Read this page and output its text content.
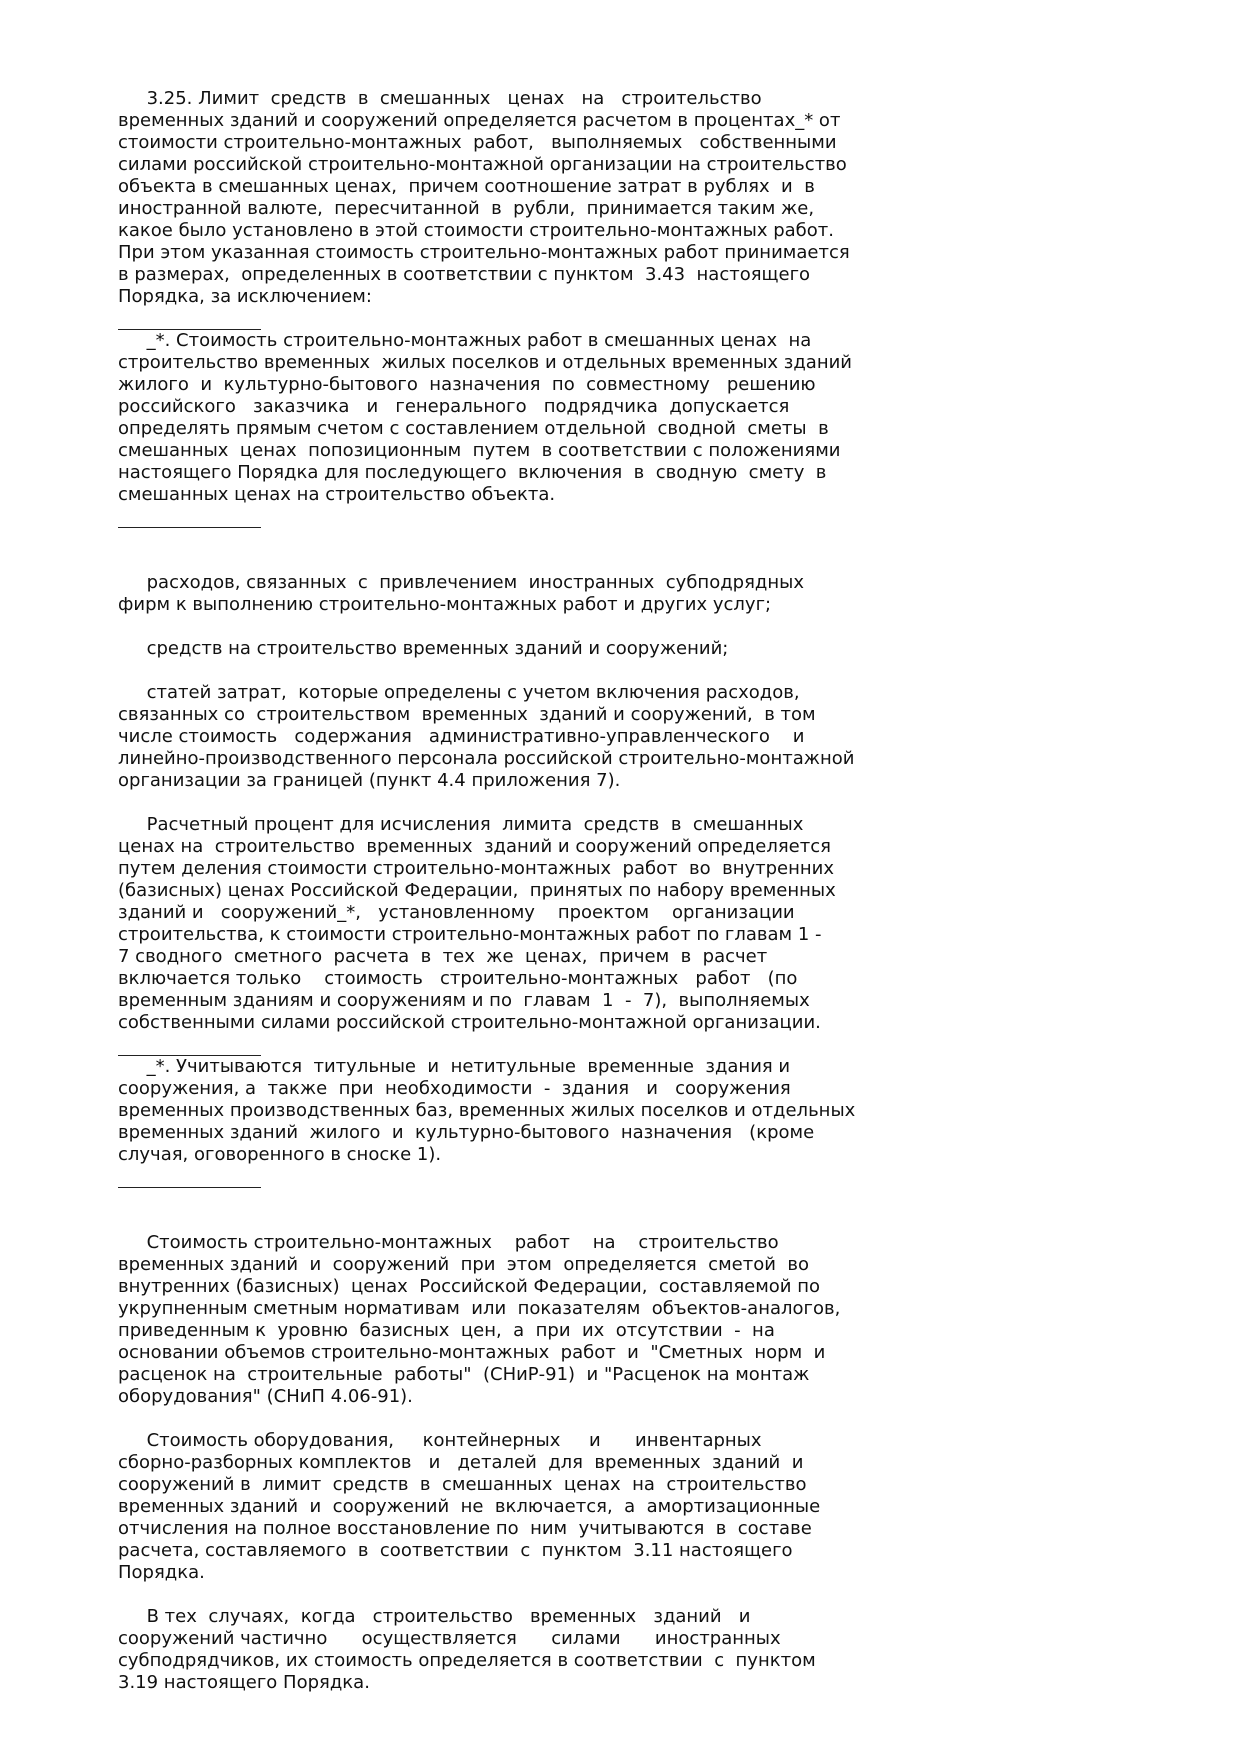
3.25. Лимит  средств  в  смешанных   ценах   на   строительство
временных зданий и сооружений определяется расчетом в процентах_* от
стоимости строительно-монтажных  работ,   выполняемых   собственными
силами российской строительно-монтажной организации на строительство
объекта в смешанных ценах,  причем соотношение затрат в рублях  и  в
иностранной валюте,  пересчитанной  в  рубли,  принимается таким же,
какое было установлено в этой стоимости строительно-монтажных работ.
При этом указанная стоимость строительно-монтажных работ принимается
в размерах,  определенных в соответствии с пунктом  3.43  настоящего
Порядка, за исключением:

_*. Стоимость строительно-монтажных работ в смешанных ценах  на
строительство временных  жилых поселков и отдельных временных зданий
жилого  и  культурно-бытового  назначения  по  совместному   решению
российского   заказчика   и   генерального   подрядчика  допускается
определять прямым счетом с составлением отдельной  сводной  сметы  в
смешанных  ценах  попозиционным  путем  в соответствии с положениями
настоящего Порядка для последующего  включения  в  сводную  смету  в
смешанных ценах на строительство объекта.

расходов, связанных  с  привлечением  иностранных  субподрядных
фирм к выполнению строительно-монтажных работ и других услуг;

средств на строительство временных зданий и сооружений;

статей затрат,  которые определены с учетом включения расходов,
связанных со  строительством  временных  зданий и сооружений,  в том
числе стоимость   содержания   административно-управленческого    и
линейно-производственного персонала российской строительно-монтажной
организации за границей (пункт 4.4 приложения 7).

Расчетный процент для исчисления  лимита  средств  в  смешанных
ценах на  строительство  временных  зданий и сооружений определяется
путем деления стоимости строительно-монтажных  работ  во  внутренних
(базисных) ценах Российской Федерации,  принятых по набору временных
зданий и   сооружений_*,   установленному    проектом    организации
строительства, к стоимости строительно-монтажных работ по главам 1 -
7 сводного  сметного  расчета  в  тех  же  ценах,  причем  в  расчет
включается только    стоимость   строительно-монтажных   работ   (по
временным зданиям и сооружениям и по  главам  1  -  7),  выполняемых
собственными силами российской строительно-монтажной организации.

_*. Учитываются  титульные  и  нетитульные  временные  здания и
сооружения, а  также  при  необходимости  -  здания   и   сооружения
временных производственных баз, временных жилых поселков и отдельных
временных зданий  жилого  и  культурно-бытового  назначения   (кроме
случая, оговоренного в сноске 1).

Стоимость строительно-монтажных    работ    на    строительство
временных зданий  и  сооружений  при  этом  определяется  сметой  во
внутренних (базисных)  ценах  Российской Федерации,  составляемой по
укрупненным сметным нормативам  или  показателям  объектов-аналогов,
приведенным к  уровню  базисных  цен,  а  при  их  отсутствии  -  на
основании объемов строительно-монтажных  работ  и  "Сметных  норм  и
расценок на  строительные  работы"  (СНиР-91)  и "Расценок на монтаж
оборудования" (СНиП 4.06-91).

Стоимость оборудования,     контейнерных     и      инвентарных
сборно-разборных комплектов   и   деталей  для  временных  зданий  и
сооружений в  лимит  средств  в  смешанных  ценах  на  строительство
временных зданий  и  сооружений  не  включается,  а  амортизационные
отчисления на полное восстановление по  ним  учитываются  в  составе
расчета, составляемого  в  соответствии  с  пунктом  3.11 настоящего
Порядка.

В тех  случаях,  когда   строительство   временных   зданий   и
сооружений частично      осуществляется      силами      иностранных
субподрядчиков, их стоимость определяется в соответствии  с  пунктом
3.19 настоящего Порядка.
